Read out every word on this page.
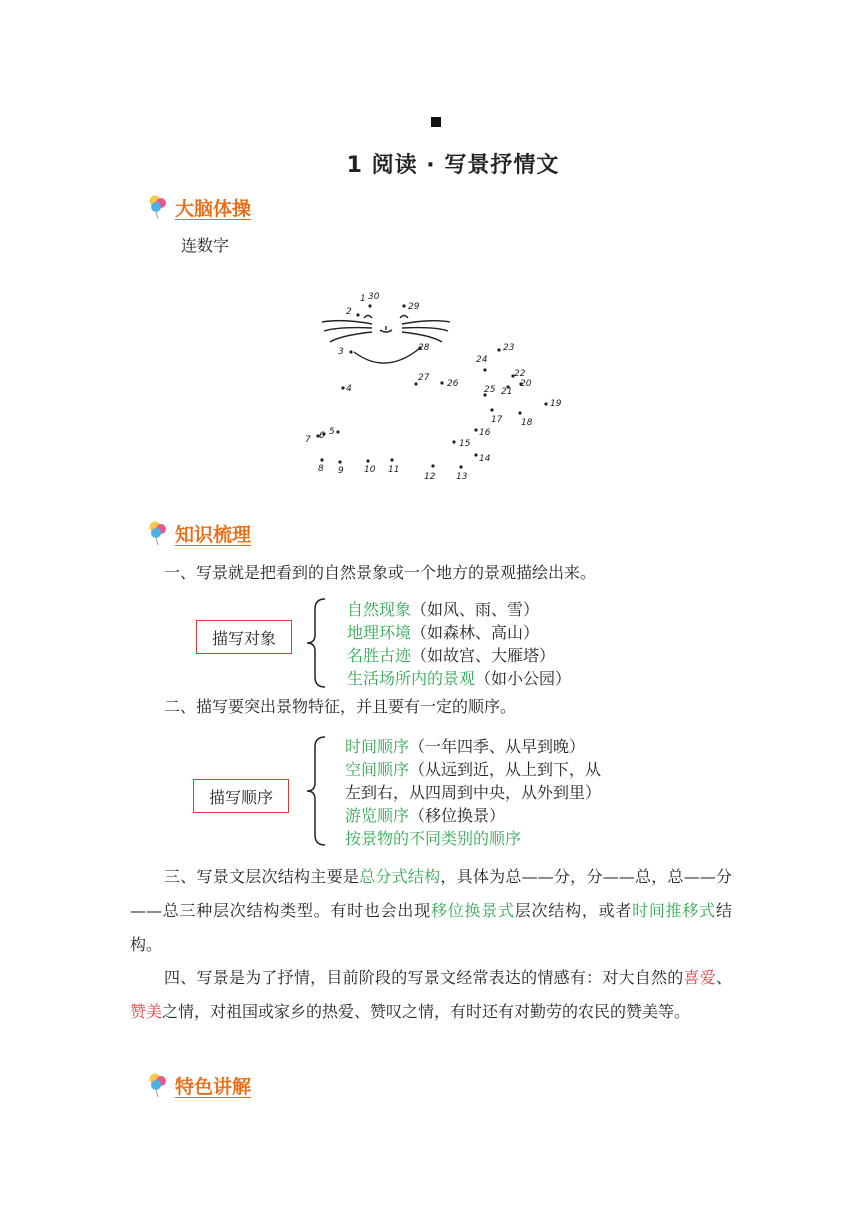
1 阅读 · 写景抒情文
大脑体操
连数字
1 30
2	29
3	28
4
27
26
24
23
25 21
22
20
19
17 18
16
15
14
13
12
11
10
9
8
7 6 5
知识梳理
一、写景就是把看到的自然景象或一个地方的景观描绘出来。
描写对象
自然现象（如风、雨、雪）
地理环境（如森林、高山）
名胜古迹（如故宫、大雁塔）
生活场所内的景观（如小公园）
二、描写要突出景物特征，并且要有一定的顺序。
描写顺序
时间顺序（一年四季、从早到晚）
空间顺序（从远到近，从上到下，从
左到右，从四周到中央，从外到里）
游览顺序（移位换景）
按景物的不同类别的顺序
三、写景文层次结构主要是总分式结构，具体为总——分，分——总，总——分——总三种层次结构类型。有时也会出现移位换景式层次结构，或者时间推移式结构。
四、写景是为了抒情，目前阶段的写景文经常表达的情感有：对大自然的喜爱、赞美之情，对祖国或家乡的热爱、赞叹之情，有时还有对勤劳的农民的赞美等。
特色讲解
